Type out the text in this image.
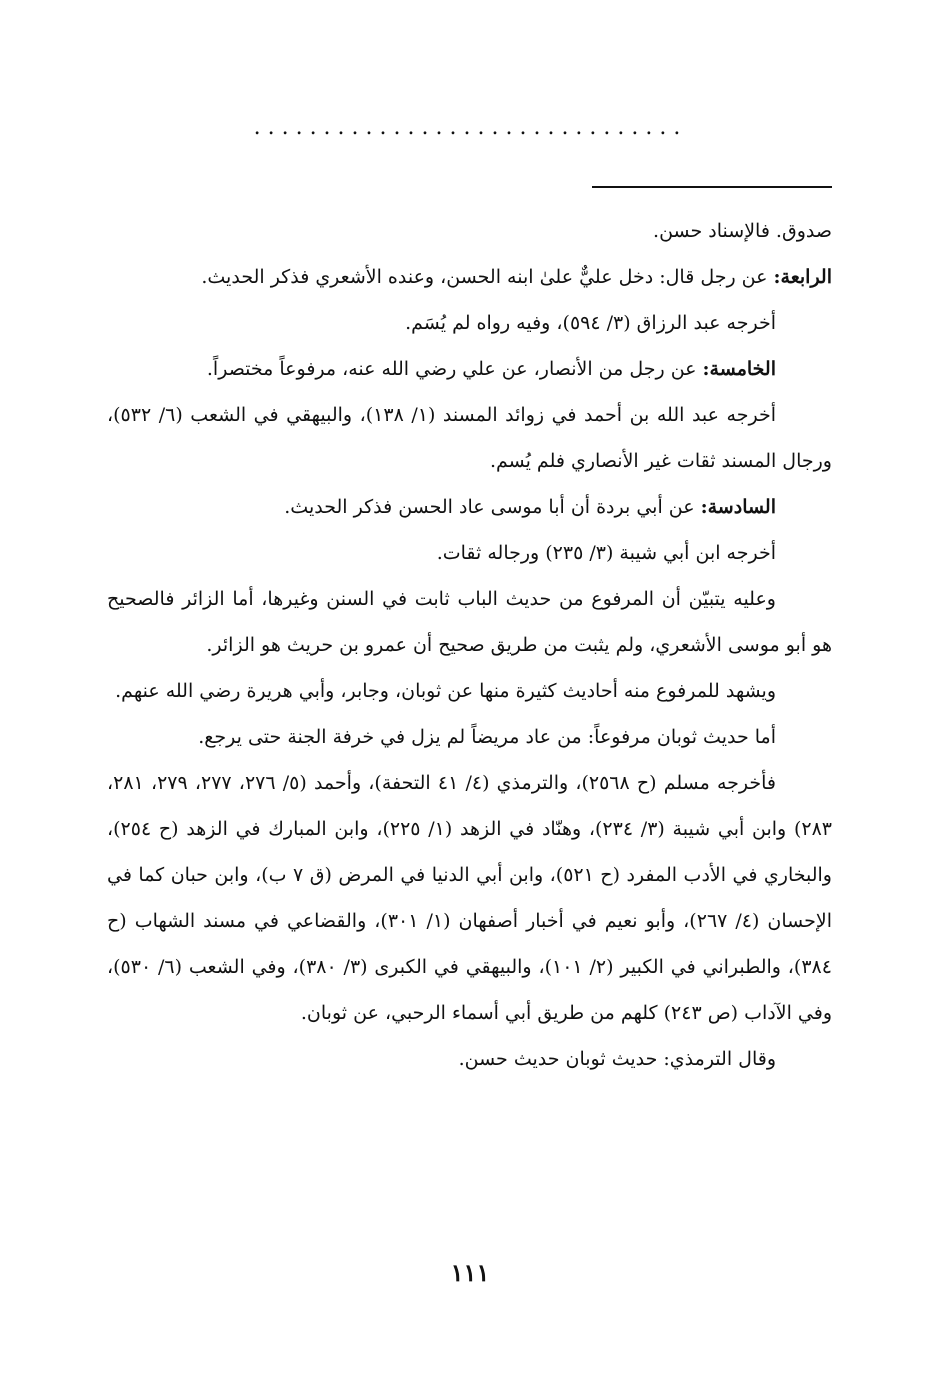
...............................

صدوق. فالإسناد حسن.

الرابعة: عن رجل قال: دخل عليٌّ علىٰ ابنه الحسن، وعنده الأشعري فذكر الحديث.

أخرجه عبد الرزاق (٣/ ٥٩٤)، وفيه رواه لم يُسَم.

الخامسة: عن رجل من الأنصار، عن علي رضي الله عنه، مرفوعاً مختصراً.

أخرجه عبد الله بن أحمد في زوائد المسند (١/ ١٣٨)، والبيهقي في الشعب (٦/ ٥٣٢)، ورجال المسند ثقات غير الأنصاري فلم يُسم.

السادسة: عن أبي بردة أن أبا موسى عاد الحسن فذكر الحديث.

أخرجه ابن أبي شيبة (٣/ ٢٣٥) ورجاله ثقات.

وعليه يتبيّن أن المرفوع من حديث الباب ثابت في السنن وغيرها، أما الزائر فالصحيح هو أبو موسى الأشعري، ولم يثبت من طريق صحيح أن عمرو بن حريث هو الزائر.

ويشهد للمرفوع منه أحاديث كثيرة منها عن ثوبان، وجابر، وأبي هريرة رضي الله عنهم.

أما حديث ثوبان مرفوعاً: من عاد مريضاً لم يزل في خرفة الجنة حتى يرجع.

فأخرجه مسلم (ح ٢٥٦٨)، والترمذي (٤/ ٤١ التحفة)، وأحمد (٥/ ٢٧٦، ٢٧٧، ٢٧٩، ٢٨١، ٢٨٣) وابن أبي شيبة (٣/ ٢٣٤)، وهنّاد في الزهد (١/ ٢٢٥)، وابن المبارك في الزهد (ح ٢٥٤)، والبخاري في الأدب المفرد (ح ٥٢١)، وابن أبي الدنيا في المرض (ق ٧ ب)، وابن حبان كما في الإحسان (٤/ ٢٦٧)، وأبو نعيم في أخبار أصفهان (١/ ٣٠١)، والقضاعي في مسند الشهاب (ح ٣٨٤)، والطبراني في الكبير (٢/ ١٠١)، والبيهقي في الكبرى (٣/ ٣٨٠)، وفي الشعب (٦/ ٥٣٠)، وفي الآداب (ص ٢٤٣) كلهم من طريق أبي أسماء الرحبي، عن ثوبان.

وقال الترمذي: حديث ثوبان حديث حسن.

١١١
